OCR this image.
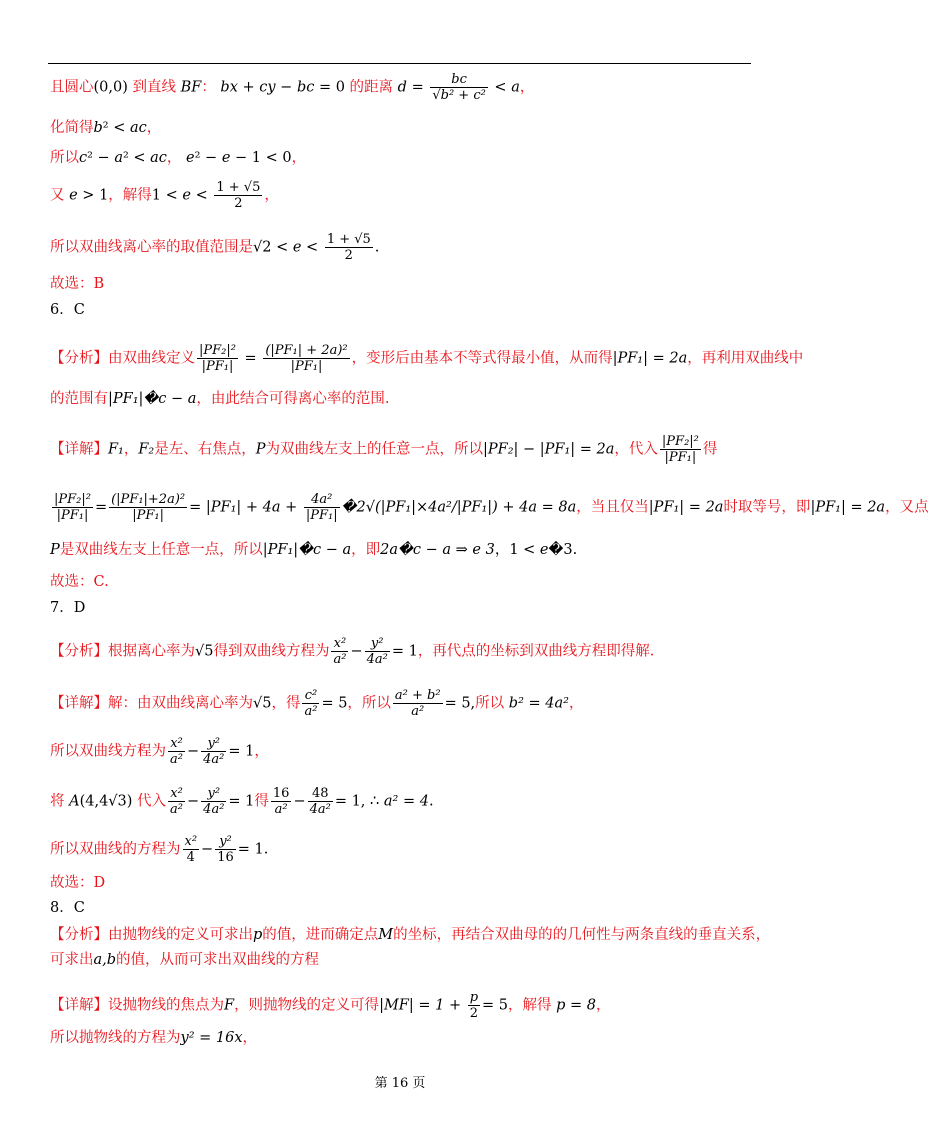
且圆心(0,0) 到直线 BF： bx + cy − bc = 0 的距离 $d = \frac{bc}{\text{√b² + c²}} < a$，
化简得b² < ac，
所以c² − a² < ac， e² − e − 1 < 0，
又 e > 1，解得$1 < e < \frac{1 + √5}{2}$ ，
所以双曲线离心率的取值范围是$√2 < e < \frac{1 + √5}{2}$ .
故选：B
6．C
【分析】由双曲线定义 $\frac{\text{|PF₂|²}}{\text{|PF₁|}} = \frac{\text{(|PF₁| + 2a)²}}{\text{|PF₁|}}$ ，变形后由基本不等式得最小值，从而得|PF₁| = 2a，再利用双曲线中
的范围有|PF₁|�c − a，由此结合可得离心率的范围.
【详解】F₁，F₂是左、右焦点，P为双曲线左支上的任意一点，所以|PF₂| − |PF₁| = 2a，代入 $\frac{\text{|PF₂|²}}{\text{|PF₁|}}$ 得
$\frac{\text{|PF₂|²}}{\text{|PF₁|}} = \frac{\text{(|PF₁|+2a)²}}{\text{|PF₁|}} = |PF_1| + 4a + \frac{\text{4a²}}{\text{|PF₁|}}$ �2√(|PF₁|×4a²/|PF₁|) + 4a = 8a，当且仅当|PF₁| = 2a时取等号，即|PF₁| = 2a，又点
P是双曲线左支上任意一点，所以|PF₁|�c − a，即2a�c − a ⇒ e 3，1 < e�3.
故选：C.
7．D
【分析】根据离心率为√5得到双曲线方程为 $\frac{\text{x²}}{\text{a²}} - \frac{\text{y²}}{\text{4a²}} = 1$，再代点的坐标到双曲线方程即得解.
【详解】解：由双曲线离心率为√5，得 $\frac{\text{c²}}{\text{a²}} = 5$，所以 $\frac{\text{a² + b²}}{\text{a²}} = 5$,所以 b² = 4a²，
所以双曲线方程为 $\frac{\text{x²}}{\text{a²}} - \frac{\text{y²}}{\text{4a²}} = 1$，
将 A(4,4√3) 代入 $\frac{\text{x²}}{\text{a²}} - \frac{\text{y²}}{\text{4a²}} = 1$得 $\frac{16}{\text{a²}} - \frac{48}{\text{4a²}} = 1$, ∴ a² = 4.
所以双曲线的方程为 $\frac{\text{x²}}{4} - \frac{\text{y²}}{16} = 1$.
故选：D
8．C
【分析】由抛物线的定义可求出p的值，进而确定点M的坐标，再结合双曲母的的几何性与两条直线的垂直关系，
可求出a,b的值，从而可求出双曲线的方程
【详解】设抛物线的焦点为F，则抛物线的定义可得$|MF| = 1 + \frac{p}{2} = 5$，解得 p = 8，
所以抛物线的方程为y² = 16x，
第 16 页
